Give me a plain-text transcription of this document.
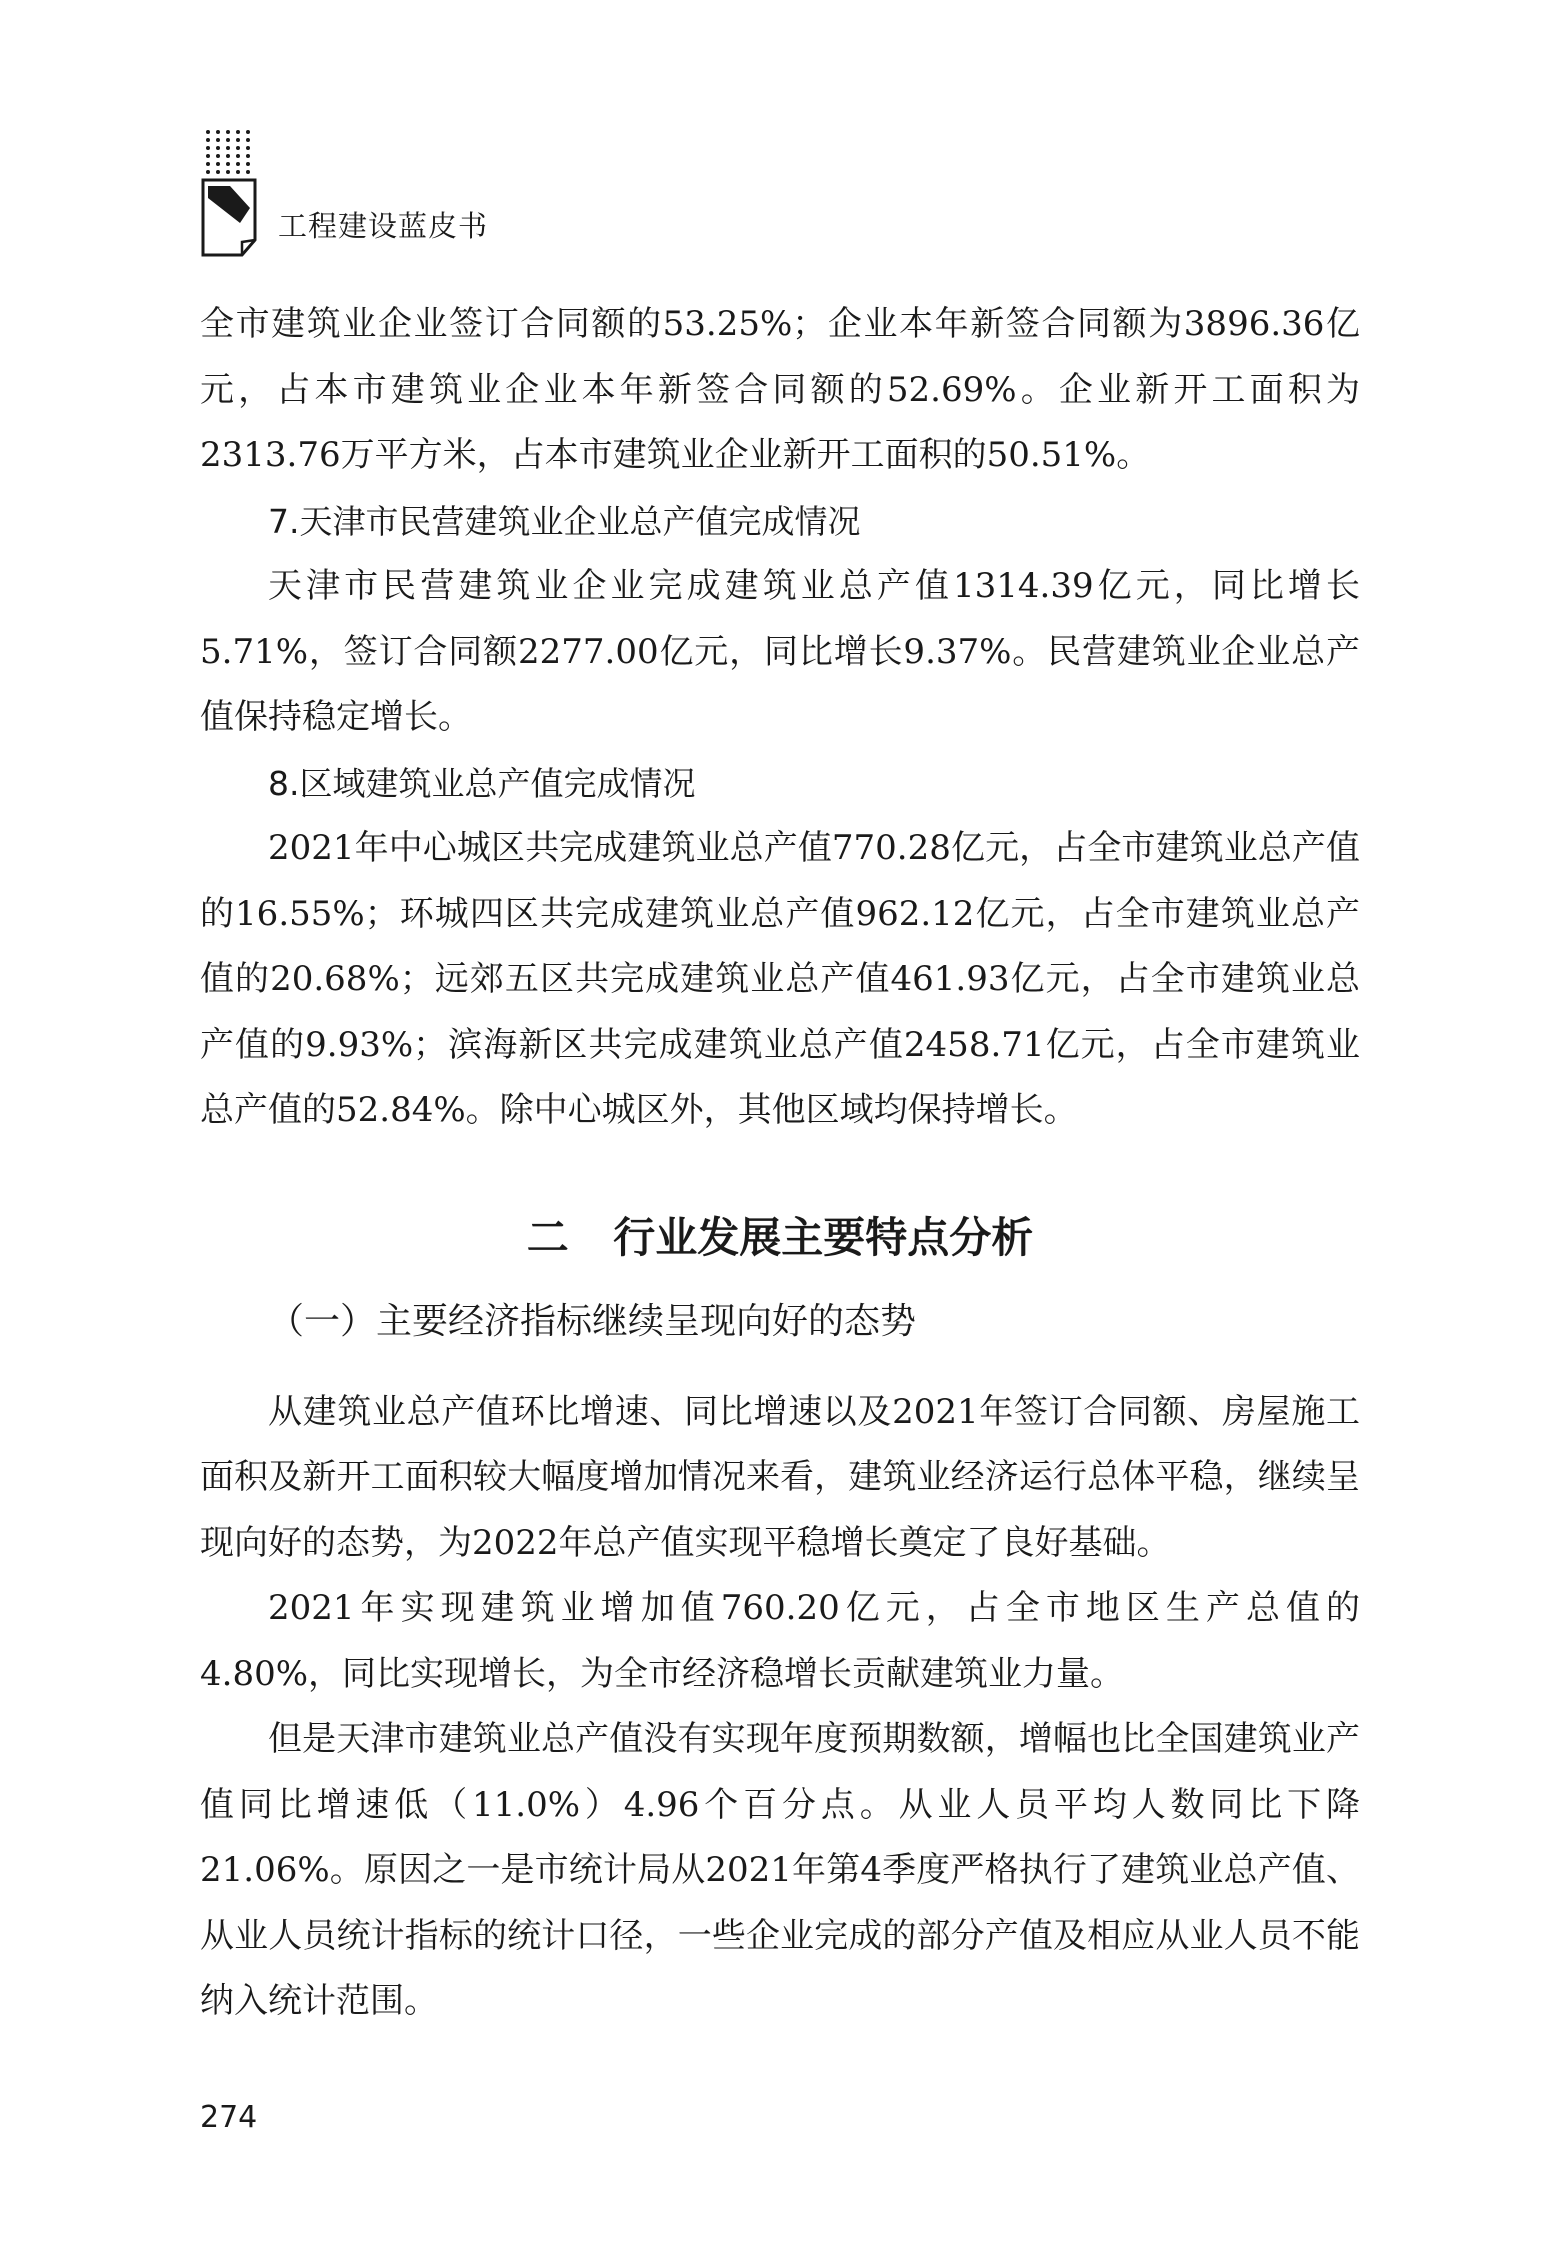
工程建设蓝皮书

全市建筑业企业签订合同额的53.25%；企业本年新签合同额为3896.36亿元，占本市建筑业企业本年新签合同额的52.69%。企业新开工面积为2313.76万平方米，占本市建筑业企业新开工面积的50.51%。

7.天津市民营建筑业企业总产值完成情况

天津市民营建筑业企业完成建筑业总产值1314.39亿元，同比增长5.71%，签订合同额2277.00亿元，同比增长9.37%。民营建筑业企业总产值保持稳定增长。

8.区域建筑业总产值完成情况

2021年中心城区共完成建筑业总产值770.28亿元，占全市建筑业总产值的16.55%；环城四区共完成建筑业总产值962.12亿元，占全市建筑业总产值的20.68%；远郊五区共完成建筑业总产值461.93亿元，占全市建筑业总产值的9.93%；滨海新区共完成建筑业总产值2458.71亿元，占全市建筑业总产值的52.84%。除中心城区外，其他区域均保持增长。

二 行业发展主要特点分析
（一）主要经济指标继续呈现向好的态势

从建筑业总产值环比增速、同比增速以及2021年签订合同额、房屋施工面积及新开工面积较大幅度增加情况来看，建筑业经济运行总体平稳，继续呈现向好的态势，为2022年总产值实现平稳增长奠定了良好基础。

2021年实现建筑业增加值760.20亿元，占全市地区生产总值的4.80%，同比实现增长，为全市经济稳增长贡献建筑业力量。

但是天津市建筑业总产值没有实现年度预期数额，增幅也比全国建筑业产值同比增速低（11.0%）4.96个百分点。从业人员平均人数同比下降21.06%。原因之一是市统计局从2021年第4季度严格执行了建筑业总产值、从业人员统计指标的统计口径，一些企业完成的部分产值及相应从业人员不能纳入统计范围。

274
